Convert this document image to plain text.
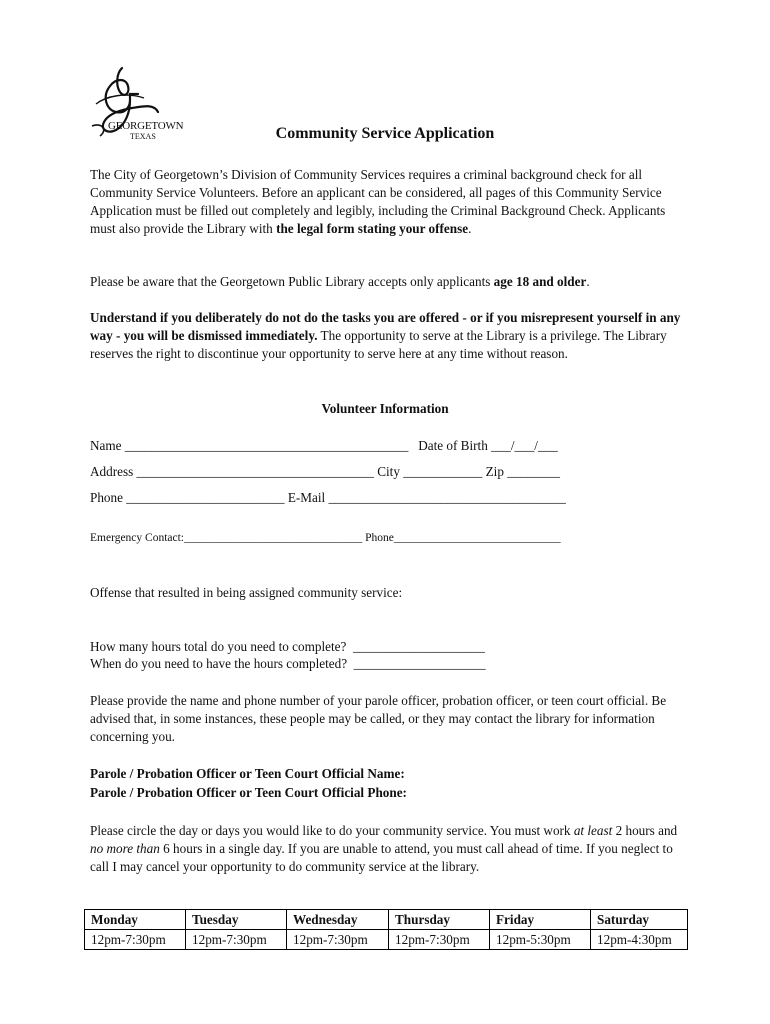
GEORGETOWN
TEXAS	Community Service Application

The City of Georgetown’s Division of Community Services requires a criminal background check for all Community Service Volunteers. Before an applicant can be considered, all pages of this Community Service Application must be filled out completely and legibly, including the Criminal Background Check. Applicants must also provide the Library with the legal form stating your offense.

Please be aware that the Georgetown Public Library accepts only applicants age 18 and older.

Understand if you deliberately do not do the tasks you are offered - or if you misrepresent yourself in any way - you will be dismissed immediately. The opportunity to serve at the Library is a privilege. The Library reserves the right to discontinue your opportunity to serve here at any time without reason.

Volunteer Information
Name ___________________________________________   Date of Birth ___/___/___
Address ____________________________________ City ____________ Zip ________
Phone ________________________ E-Mail ____________________________________
Emergency Contact:_______________________________ Phone_____________________________
Offense that resulted in being assigned community service:
How many hours total do you need to complete?  ____________________
When do you need to have the hours completed?  ____________________

Please provide the name and phone number of your parole officer, probation officer, or teen court official. Be advised that, in some instances, these people may be called, or they may contact the library for information concerning you.

Parole / Probation Officer or Teen Court Official Name:
Parole / Probation Officer or Teen Court Official Phone:

Please circle the day or days you would like to do your community service. You must work at least 2 hours and no more than 6 hours in a single day. If you are unable to attend, you must call ahead of time. If you neglect to call I may cancel your opportunity to do community service at the library.

Monday	Tuesday	Wednesday	Thursday	Friday	Saturday
12pm-7:30pm	12pm-7:30pm	12pm-7:30pm	12pm-7:30pm	12pm-5:30pm	12pm-4:30pm
